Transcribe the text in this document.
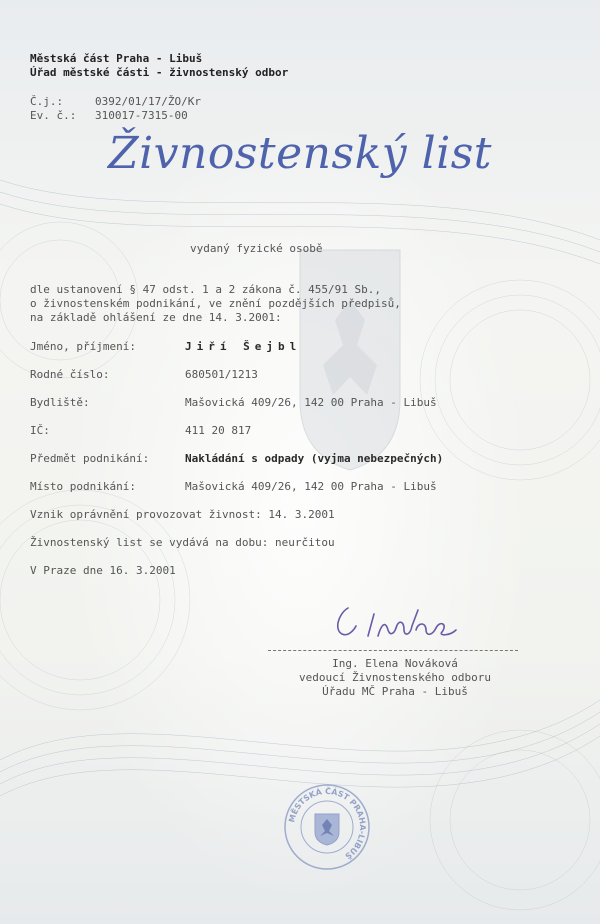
Městská část Praha - Libuš
Úřad městské části - živnostenský odbor
Č.j.:	0392/01/17/ŽO/Kr
Ev. č.: 310017-7315-00
Živnostenský list
vydaný fyzické osobě
dle ustanovení § 47 odst. 1 a 2 zákona č. 455/91 Sb.,
o živnostenském podnikání, ve znění pozdějších předpisů,
na základě ohlášení ze dne 14. 3.2001:
Jméno, příjmení:	Jiří Šejbl
Rodné číslo:	680501/1213
Bydliště:	Mašovická 409/26, 142 00 Praha - Libuš
IČ:	411 20 817
Předmět podnikání:	Nakládání s odpady (vyjma nebezpečných)
Místo podnikání:	Mašovická 409/26, 142 00 Praha - Libuš
Vznik oprávnění provozovat živnost: 14. 3.2001
Živnostenský list se vydává na dobu: neurčitou
V Praze dne 16. 3.2001
Ing. Elena Nováková
vedoucí Živnostenského odboru
Úřadu MČ Praha - Libuš
MĚSTSKÁ ČÁST PRAHA-LIBUŠ
